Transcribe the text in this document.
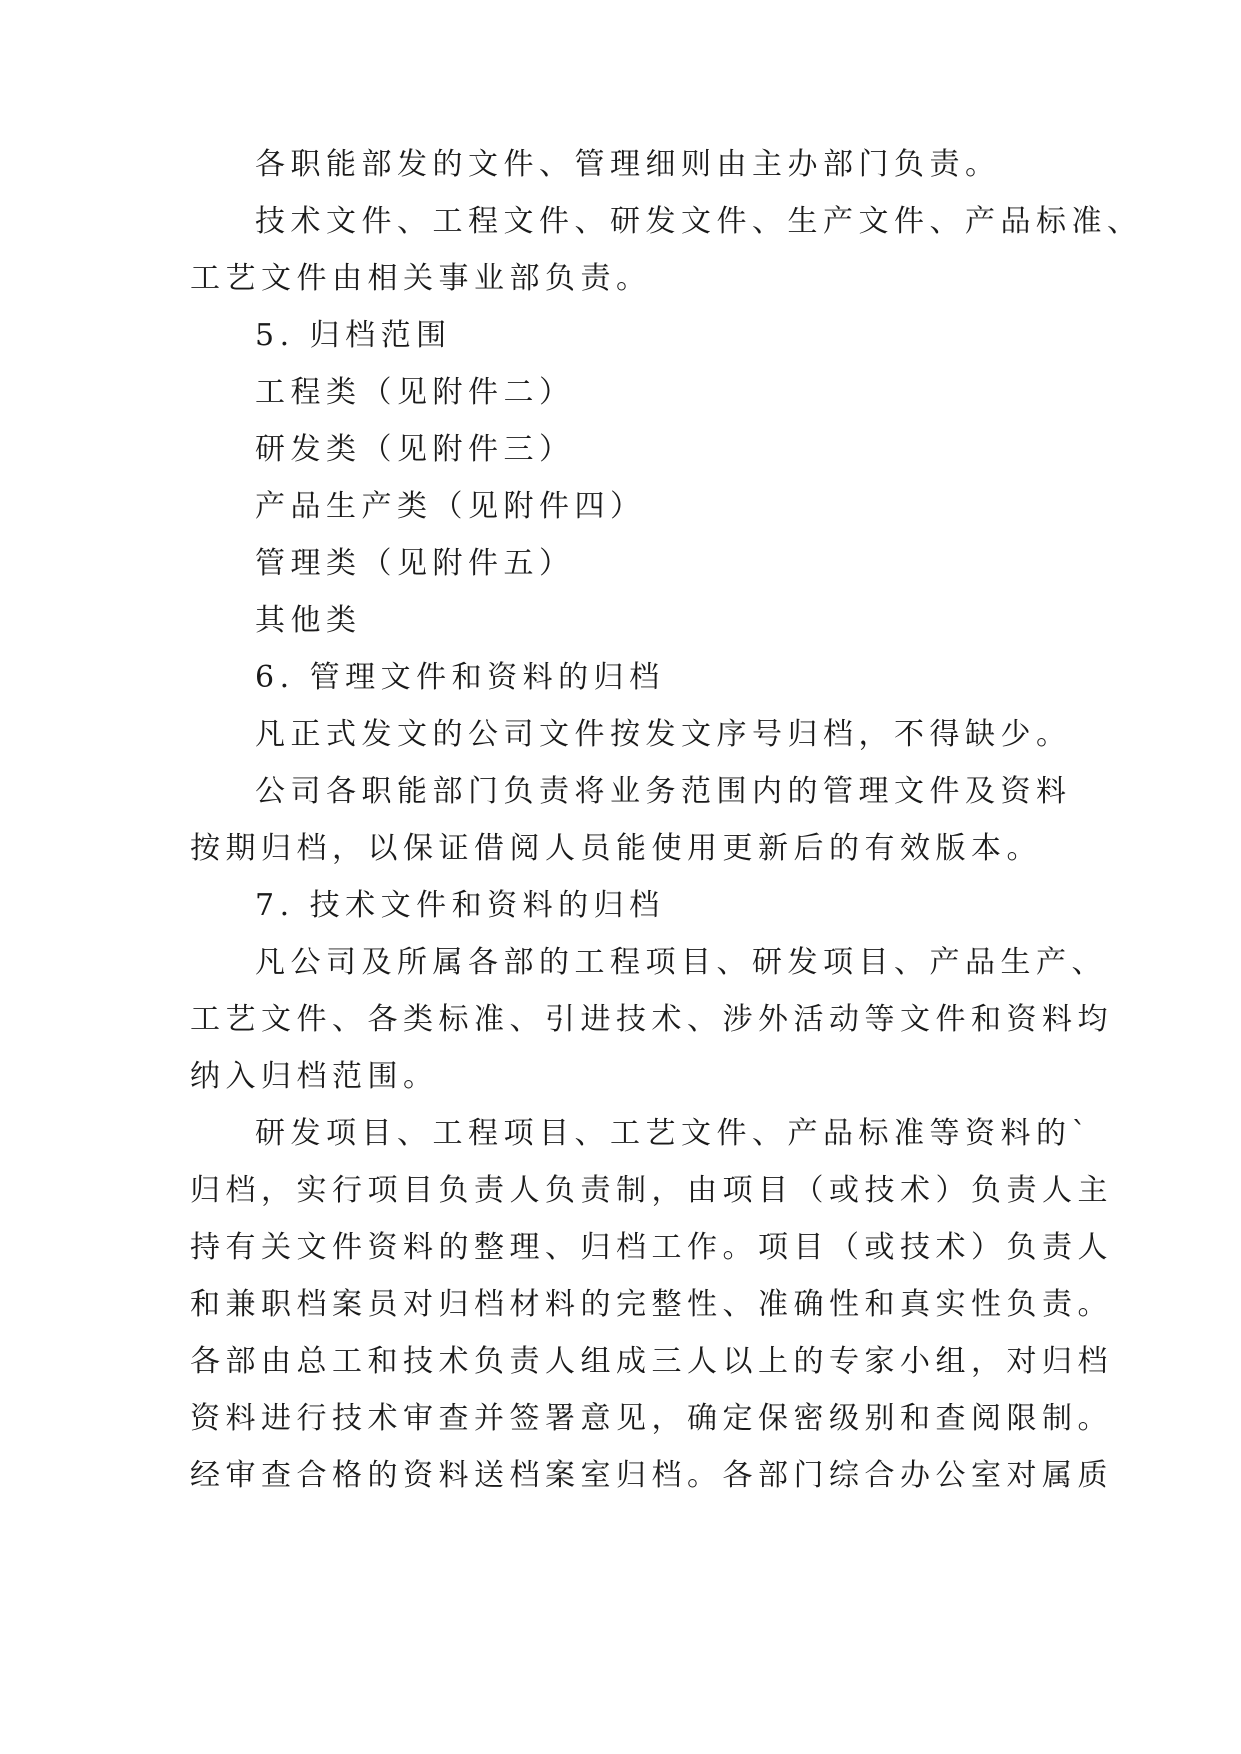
各职能部发的文件、管理细则由主办部门负责。
技术文件、工程文件、研发文件、生产文件、产品标准、
工艺文件由相关事业部负责。
5. 归档范围
工程类（见附件二）
研发类（见附件三）
产品生产类（见附件四）
管理类（见附件五）
其他类
6. 管理文件和资料的归档
凡正式发文的公司文件按发文序号归档，不得缺少。
公司各职能部门负责将业务范围内的管理文件及资料
按期归档，以保证借阅人员能使用更新后的有效版本。
7. 技术文件和资料的归档
凡公司及所属各部的工程项目、研发项目、产品生产、
工艺文件、各类标准、引进技术、涉外活动等文件和资料均
纳入归档范围。
研发项目、工程项目、工艺文件、产品标准等资料的`
归档，实行项目负责人负责制，由项目（或技术）负责人主
持有关文件资料的整理、归档工作。项目（或技术）负责人
和兼职档案员对归档材料的完整性、准确性和真实性负责。
各部由总工和技术负责人组成三人以上的专家小组，对归档
资料进行技术审查并签署意见，确定保密级别和查阅限制。
经审查合格的资料送档案室归档。各部门综合办公室对属质
